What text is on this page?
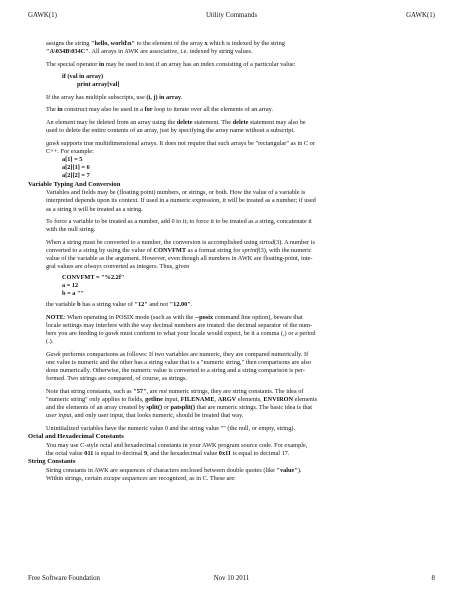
GAWK(1)	Utility Commands	GAWK(1)
assigns the string "hello, world\n" to the element of the array x which is indexed by the string
"A\034B\034C". All arrays in AWK are associative, i.e. indexed by string values.
The special operator in may be used to test if an array has an index consisting of a particular value:
if (val in array)
print array[val]
If the array has multiple subscripts, use (i, j) in array.
The in construct may also be used in a for loop to iterate over all the elements of an array.
An element may be deleted from an array using the delete statement. The delete statement may also be
used to delete the entire contents of an array, just by specifying the array name without a subscript.
gawk supports true multidimensional arrays. It does not require that such arrays be "rectangular" as in C or
C++. For example:
a[1] = 5
a[2][1] = 6
a[2][2] = 7
Variable Typing And Conversion
Variables and fields may be (floating point) numbers, or strings, or both. How the value of a variable is
interpreted depends upon its context. If used in a numeric expression, it will be treated as a number; if used
as a string it will be treated as a string.
To force a variable to be treated as a number, add 0 to it; to force it to be treated as a string, concatenate it
with the null string.
When a string must be converted to a number, the conversion is accomplished using strtod(3). A number is
converted to a string by using the value of CONVFMT as a format string for sprintf(3), with the numeric
value of the variable as the argument. However, even though all numbers in AWK are floating-point, inte-
gral values are always converted as integers. Thus, given
CONVFMT = "%2.2f"
a = 12
b = a ""
the variable b has a string value of "12" and not "12.00".
NOTE: When operating in POSIX mode (such as with the --posix command line option), beware that
locale settings may interfere with the way decimal numbers are treated: the decimal separator of the num-
bers you are feeding to gawk must conform to what your locale would expect, be it a comma (,) or a period
(.).
Gawk performs comparisons as follows: If two variables are numeric, they are compared numerically. If
one value is numeric and the other has a string value that is a "numeric string," then comparisons are also
done numerically. Otherwise, the numeric value is converted to a string and a string comparison is per-
formed. Two strings are compared, of course, as strings.
Note that string constants, such as "57", are not numeric strings, they are string constants. The idea of
"numeric string" only applies to fields, getline input, FILENAME, ARGV elements, ENVIRON elements
and the elements of an array created by split() or patsplit() that are numeric strings. The basic idea is that
user input, and only user input, that looks numeric, should be treated that way.
Uninitialized variables have the numeric value 0 and the string value "" (the null, or empty, string).
Octal and Hexadecimal Constants
You may use C-style octal and hexadecimal constants in your AWK program source code. For example,
the octal value 011 is equal to decimal 9, and the hexadecimal value 0x11 is equal to decimal 17.
String Constants
String constants in AWK are sequences of characters enclosed between double quotes (like "value").
Within strings, certain escape sequences are recognized, as in C. These are:
Free Software Foundation	Nov 10 2011	8
